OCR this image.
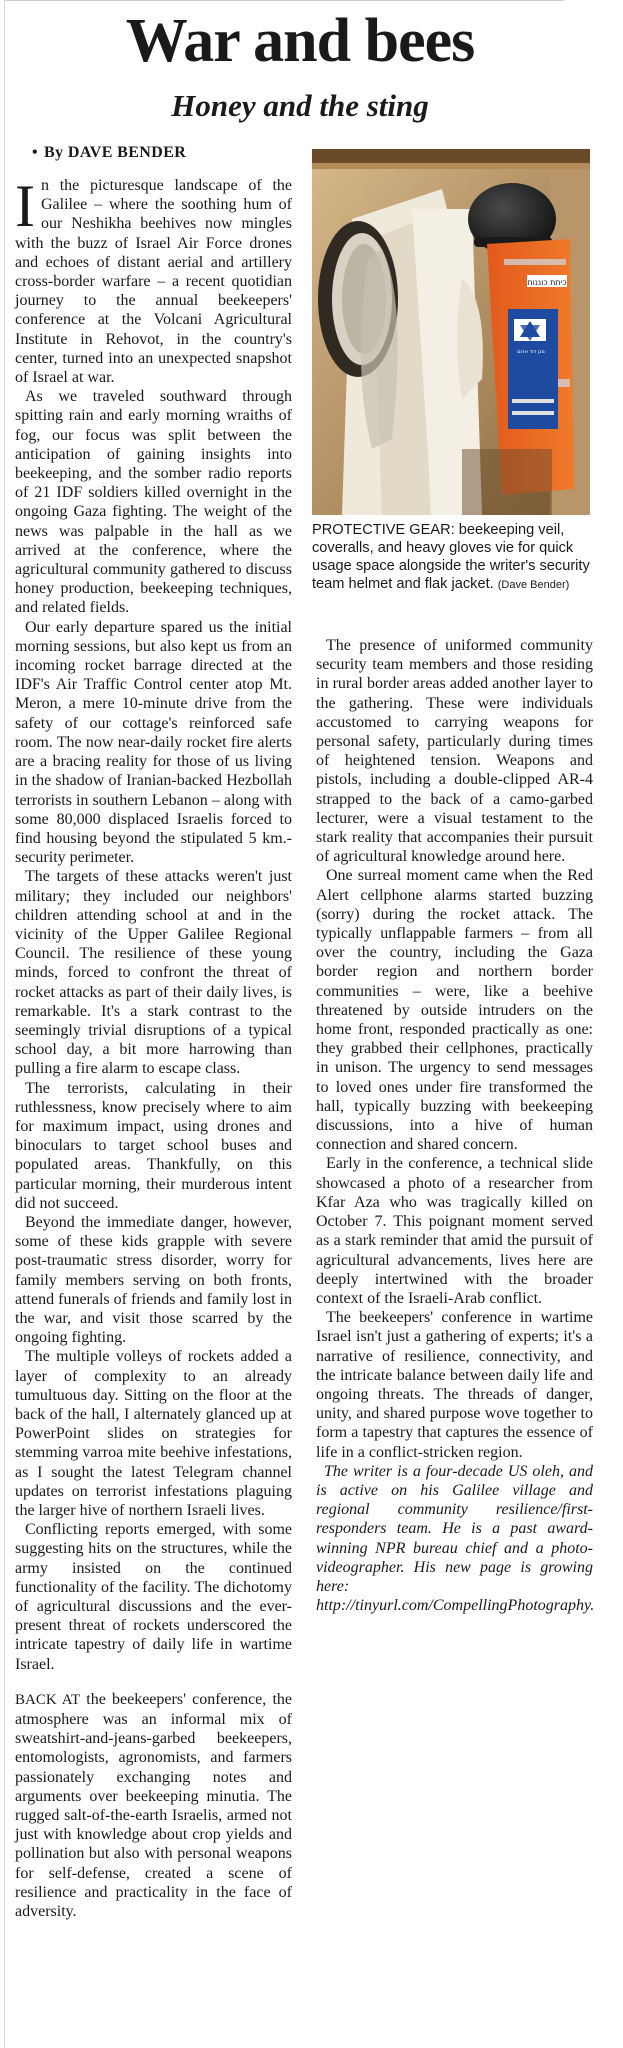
War and bees
Honey and the sting
• By DAVE BENDER
כיתת כוננות
מגן דוד אדום
PROTECTIVE GEAR: beekeeping veil, coveralls, and heavy gloves vie for quick usage space alongside the writer's security team helmet and flak jacket. (Dave Bender)

In the picturesque landscape of the Galilee – where the soothing hum of our Neshikha beehives now mingles with the buzz of Israel Air Force drones and echoes of distant aerial and artillery cross-border warfare – a recent quotidian journey to the annual beekeepers' conference at the Volcani Agricultural Institute in Rehovot, in the country's center, turned into an unexpected snapshot of Israel at war.

As we traveled southward through spitting rain and early morning wraiths of fog, our focus was split between the anticipation of gaining insights into beekeeping, and the somber radio reports of 21 IDF soldiers killed overnight in the ongoing Gaza fighting. The weight of the news was palpable in the hall as we arrived at the conference, where the agricultural community gathered to discuss honey production, beekeeping techniques, and related fields.

Our early departure spared us the initial morning sessions, but also kept us from an incoming rocket barrage directed at the IDF's Air Traffic Control center atop Mt. Meron, a mere 10-minute drive from the safety of our cottage's reinforced safe room. The now near-daily rocket fire alerts are a bracing reality for those of us living in the shadow of Iranian-backed Hezbollah terrorists in southern Lebanon – along with some 80,000 displaced Israelis forced to find housing beyond the stipulated 5 km.-security perimeter.

The targets of these attacks weren't just military; they included our neighbors' children attending school at and in the vicinity of the Upper Galilee Regional Council. The resilience of these young minds, forced to confront the threat of rocket attacks as part of their daily lives, is remarkable. It's a stark contrast to the seemingly trivial disruptions of a typical school day, a bit more harrowing than pulling a fire alarm to escape class.

The terrorists, calculating in their ruthlessness, know precisely where to aim for maximum impact, using drones and binoculars to target school buses and populated areas. Thankfully, on this particular morning, their murderous intent did not succeed.

Beyond the immediate danger, however, some of these kids grapple with severe post-traumatic stress disorder, worry for family members serving on both fronts, attend funerals of friends and family lost in the war, and visit those scarred by the ongoing fighting.

The multiple volleys of rockets added a layer of complexity to an already tumultuous day. Sitting on the floor at the back of the hall, I alternately glanced up at PowerPoint slides on strategies for stemming varroa mite beehive infestations, as I sought the latest Telegram channel updates on terrorist infestations plaguing the larger hive of northern Israeli lives.

Conflicting reports emerged, with some suggesting hits on the structures, while the army insisted on the continued functionality of the facility. The dichotomy of agricultural discussions and the ever-present threat of rockets underscored the intricate tapestry of daily life in wartime Israel.

BACK AT the beekeepers' conference, the atmosphere was an informal mix of sweatshirt-and-jeans-garbed beekeepers, entomologists, agronomists, and farmers passionately exchanging notes and arguments over beekeeping minutia. The rugged salt-of-the-earth Israelis, armed not just with knowledge about crop yields and pollination but also with personal weapons for self-defense, created a scene of resilience and practicality in the face of adversity.

The presence of uniformed community security team members and those residing in rural border areas added another layer to the gathering. These were individuals accustomed to carrying weapons for personal safety, particularly during times of heightened tension. Weapons and pistols, including a double-clipped AR-4 strapped to the back of a camo-garbed lecturer, were a visual testament to the stark reality that accompanies their pursuit of agricultural knowledge around here.

One surreal moment came when the Red Alert cellphone alarms started buzzing (sorry) during the rocket attack. The typically unflappable farmers – from all over the country, including the Gaza border region and northern border communities – were, like a beehive threatened by outside intruders on the home front, responded practically as one: they grabbed their cellphones, practically in unison. The urgency to send messages to loved ones under fire transformed the hall, typically buzzing with beekeeping discussions, into a hive of human connection and shared concern.

Early in the conference, a technical slide showcased a photo of a researcher from Kfar Aza who was tragically killed on October 7. This poignant moment served as a stark reminder that amid the pursuit of agricultural advancements, lives here are deeply intertwined with the broader context of the Israeli-Arab conflict.

The beekeepers' conference in wartime Israel isn't just a gathering of experts; it's a narrative of resilience, connectivity, and the intricate balance between daily life and ongoing threats. The threads of danger, unity, and shared purpose wove together to form a tapestry that captures the essence of life in a conflict-stricken region.

The writer is a four-decade US oleh, and is active on his Galilee village and regional community resilience/first-responders team. He is a past award-winning NPR bureau chief and a photo-videographer. His new page is growing here: http://tinyurl.com/CompellingPhotography.
